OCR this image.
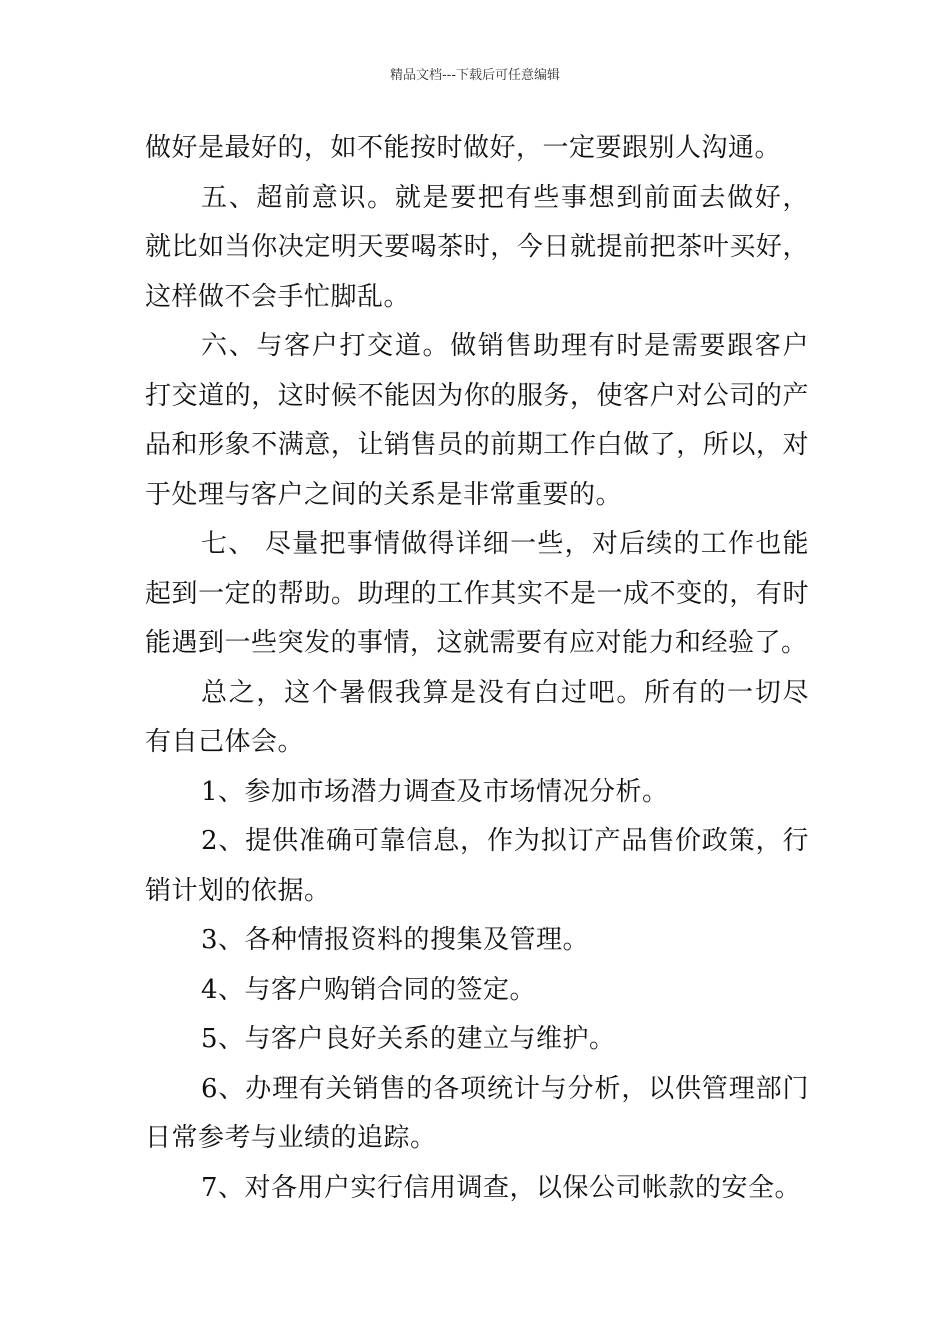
精品文档---下载后可任意编辑

做好是最好的，如不能按时做好，一定要跟别人沟通。

五、超前意识。就是要把有些事想到前面去做好，就比如当你决定明天要喝茶时，今日就提前把茶叶买好，这样做不会手忙脚乱。

六、与客户打交道。做销售助理有时是需要跟客户打交道的，这时候不能因为你的服务，使客户对公司的产品和形象不满意，让销售员的前期工作白做了，所以，对于处理与客户之间的关系是非常重要的。

七、 尽量把事情做得详细一些，对后续的工作也能起到一定的帮助。助理的工作其实不是一成不变的，有时能遇到一些突发的事情，这就需要有应对能力和经验了。

总之，这个暑假我算是没有白过吧。所有的一切尽有自己体会。

1、参加市场潜力调查及市场情况分析。

2、提供准确可靠信息，作为拟订产品售价政策，行销计划的依据。

3、各种情报资料的搜集及管理。

4、与客户购销合同的签定。

5、与客户良好关系的建立与维护。

6、办理有关销售的各项统计与分析，以供管理部门日常参考与业绩的追踪。

7、对各用户实行信用调查，以保公司帐款的安全。
